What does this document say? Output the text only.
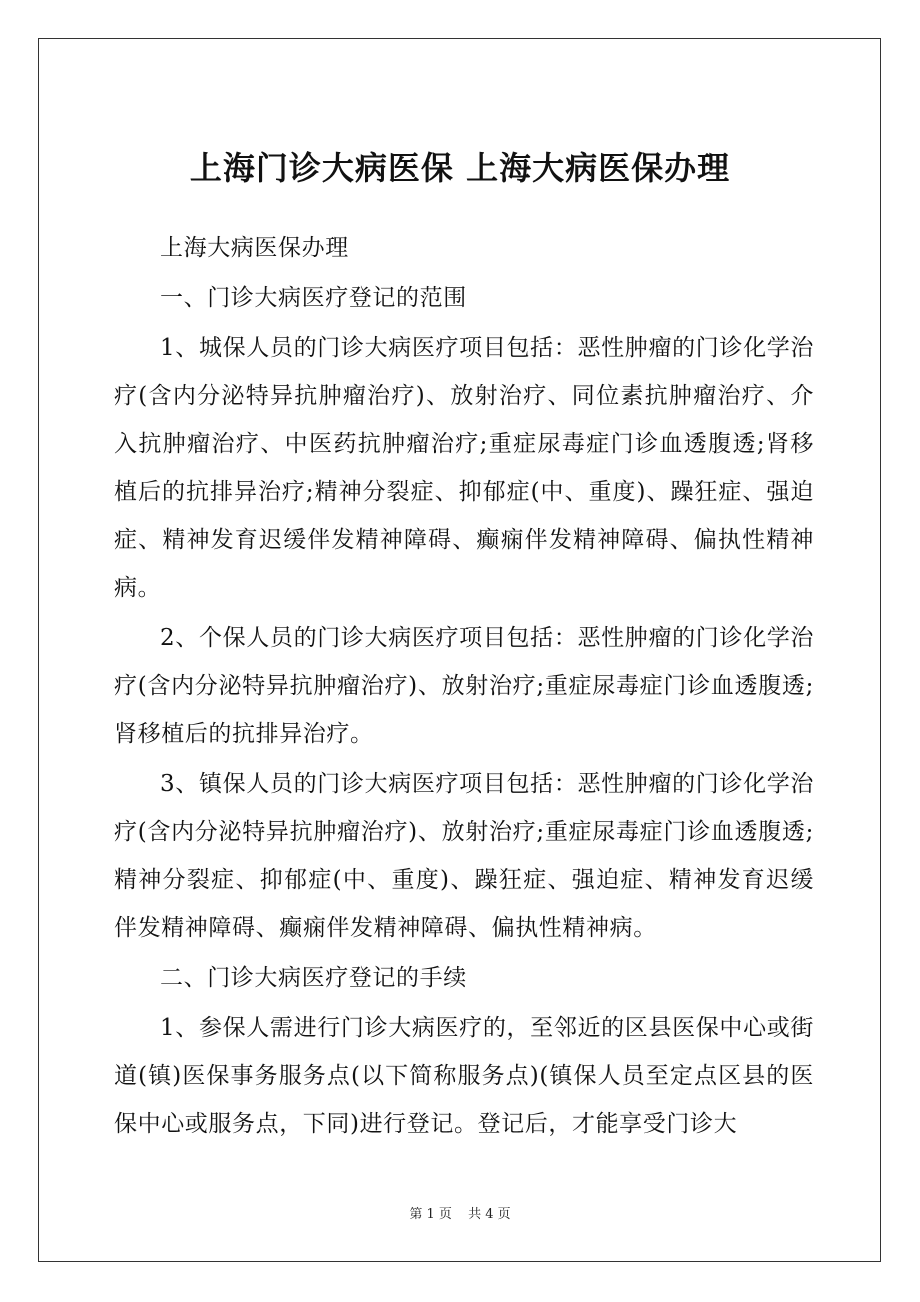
上海门诊大病医保 上海大病医保办理

上海大病医保办理

一、门诊大病医疗登记的范围

1、城保人员的门诊大病医疗项目包括：恶性肿瘤的门诊化学治疗(含内分泌特异抗肿瘤治疗)、放射治疗、同位素抗肿瘤治疗、介入抗肿瘤治疗、中医药抗肿瘤治疗;重症尿毒症门诊血透腹透;肾移植后的抗排异治疗;精神分裂症、抑郁症(中、重度)、躁狂症、强迫症、精神发育迟缓伴发精神障碍、癫痫伴发精神障碍、偏执性精神病。

2、个保人员的门诊大病医疗项目包括：恶性肿瘤的门诊化学治疗(含内分泌特异抗肿瘤治疗)、放射治疗;重症尿毒症门诊血透腹透;肾移植后的抗排异治疗。

3、镇保人员的门诊大病医疗项目包括：恶性肿瘤的门诊化学治疗(含内分泌特异抗肿瘤治疗)、放射治疗;重症尿毒症门诊血透腹透;精神分裂症、抑郁症(中、重度)、躁狂症、强迫症、精神发育迟缓伴发精神障碍、癫痫伴发精神障碍、偏执性精神病。

二、门诊大病医疗登记的手续

1、参保人需进行门诊大病医疗的，至邻近的区县医保中心或街道(镇)医保事务服务点(以下简称服务点)(镇保人员至定点区县的医保中心或服务点，下同)进行登记。登记后，才能享受门诊大

第 1 页 共 4 页
